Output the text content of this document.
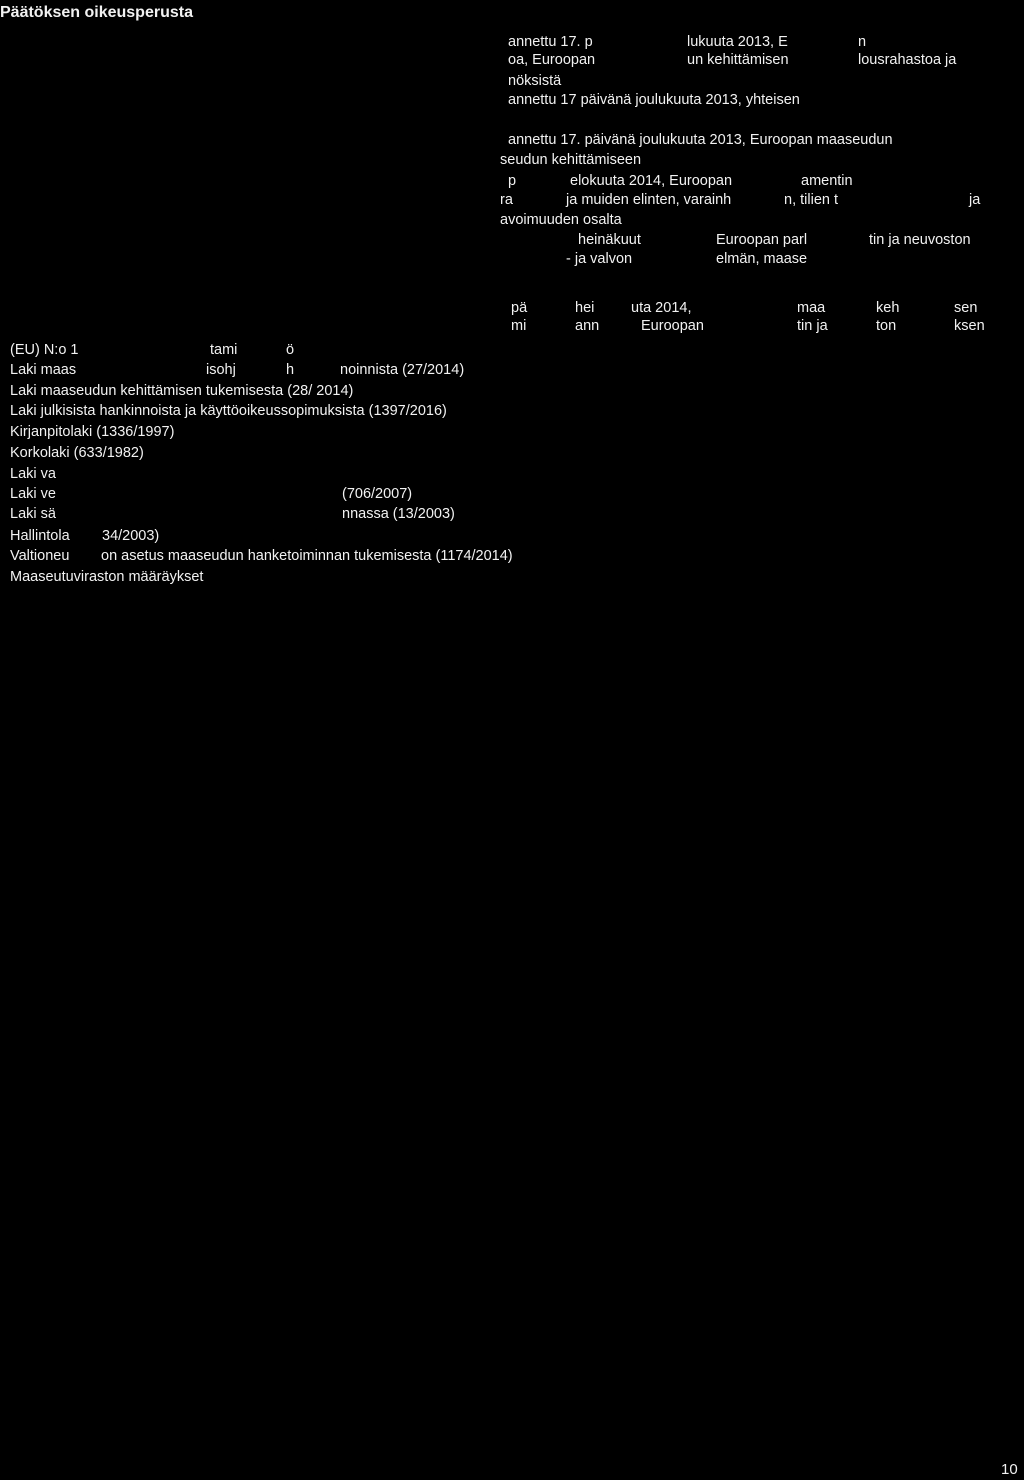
Päätöksen oikeusperusta
annettu 17. p	lukuuta 2013, E	n
oa, Euroopan	un kehittämisen	lousrahastoa ja
nöksistä
annettu 17 päivänä joulukuuta 2013, yhteisen
annettu 17. päivänä joulukuuta 2013, Euroopan maaseudun
seudun kehittämiseen
p	elokuuta 2014, Euroopan	amentin
ra	ja muiden elinten, varainh	n, tilien t	ja
avoimuuden osalta
heinäkuut	Euroopan parl	tin ja neuvoston
- ja valvon	elmän, maase
pä	hei	uta 2014,	maa	keh	sen
mi	ann	Euroopan	tin ja	ton	ksen
(EU) N:o 1	tami	ö
Laki maas	isohj	h	noinnista (27/2014)
Laki maaseudun kehittämisen tukemisesta (28/ 2014)
Laki julkisista hankinnoista ja käyttöoikeussopimuksista (1397/2016)
Kirjanpitolaki (1336/1997)
Korkolaki (633/1982)
Laki va
Laki ve	(706/2007)
Laki sä	nnassa (13/2003)
Hallintola 34/2003)
Valtioneu on asetus maaseudun hanketoiminnan tukemisesta (1174/2014)
Maaseutuviraston määräykset
10
